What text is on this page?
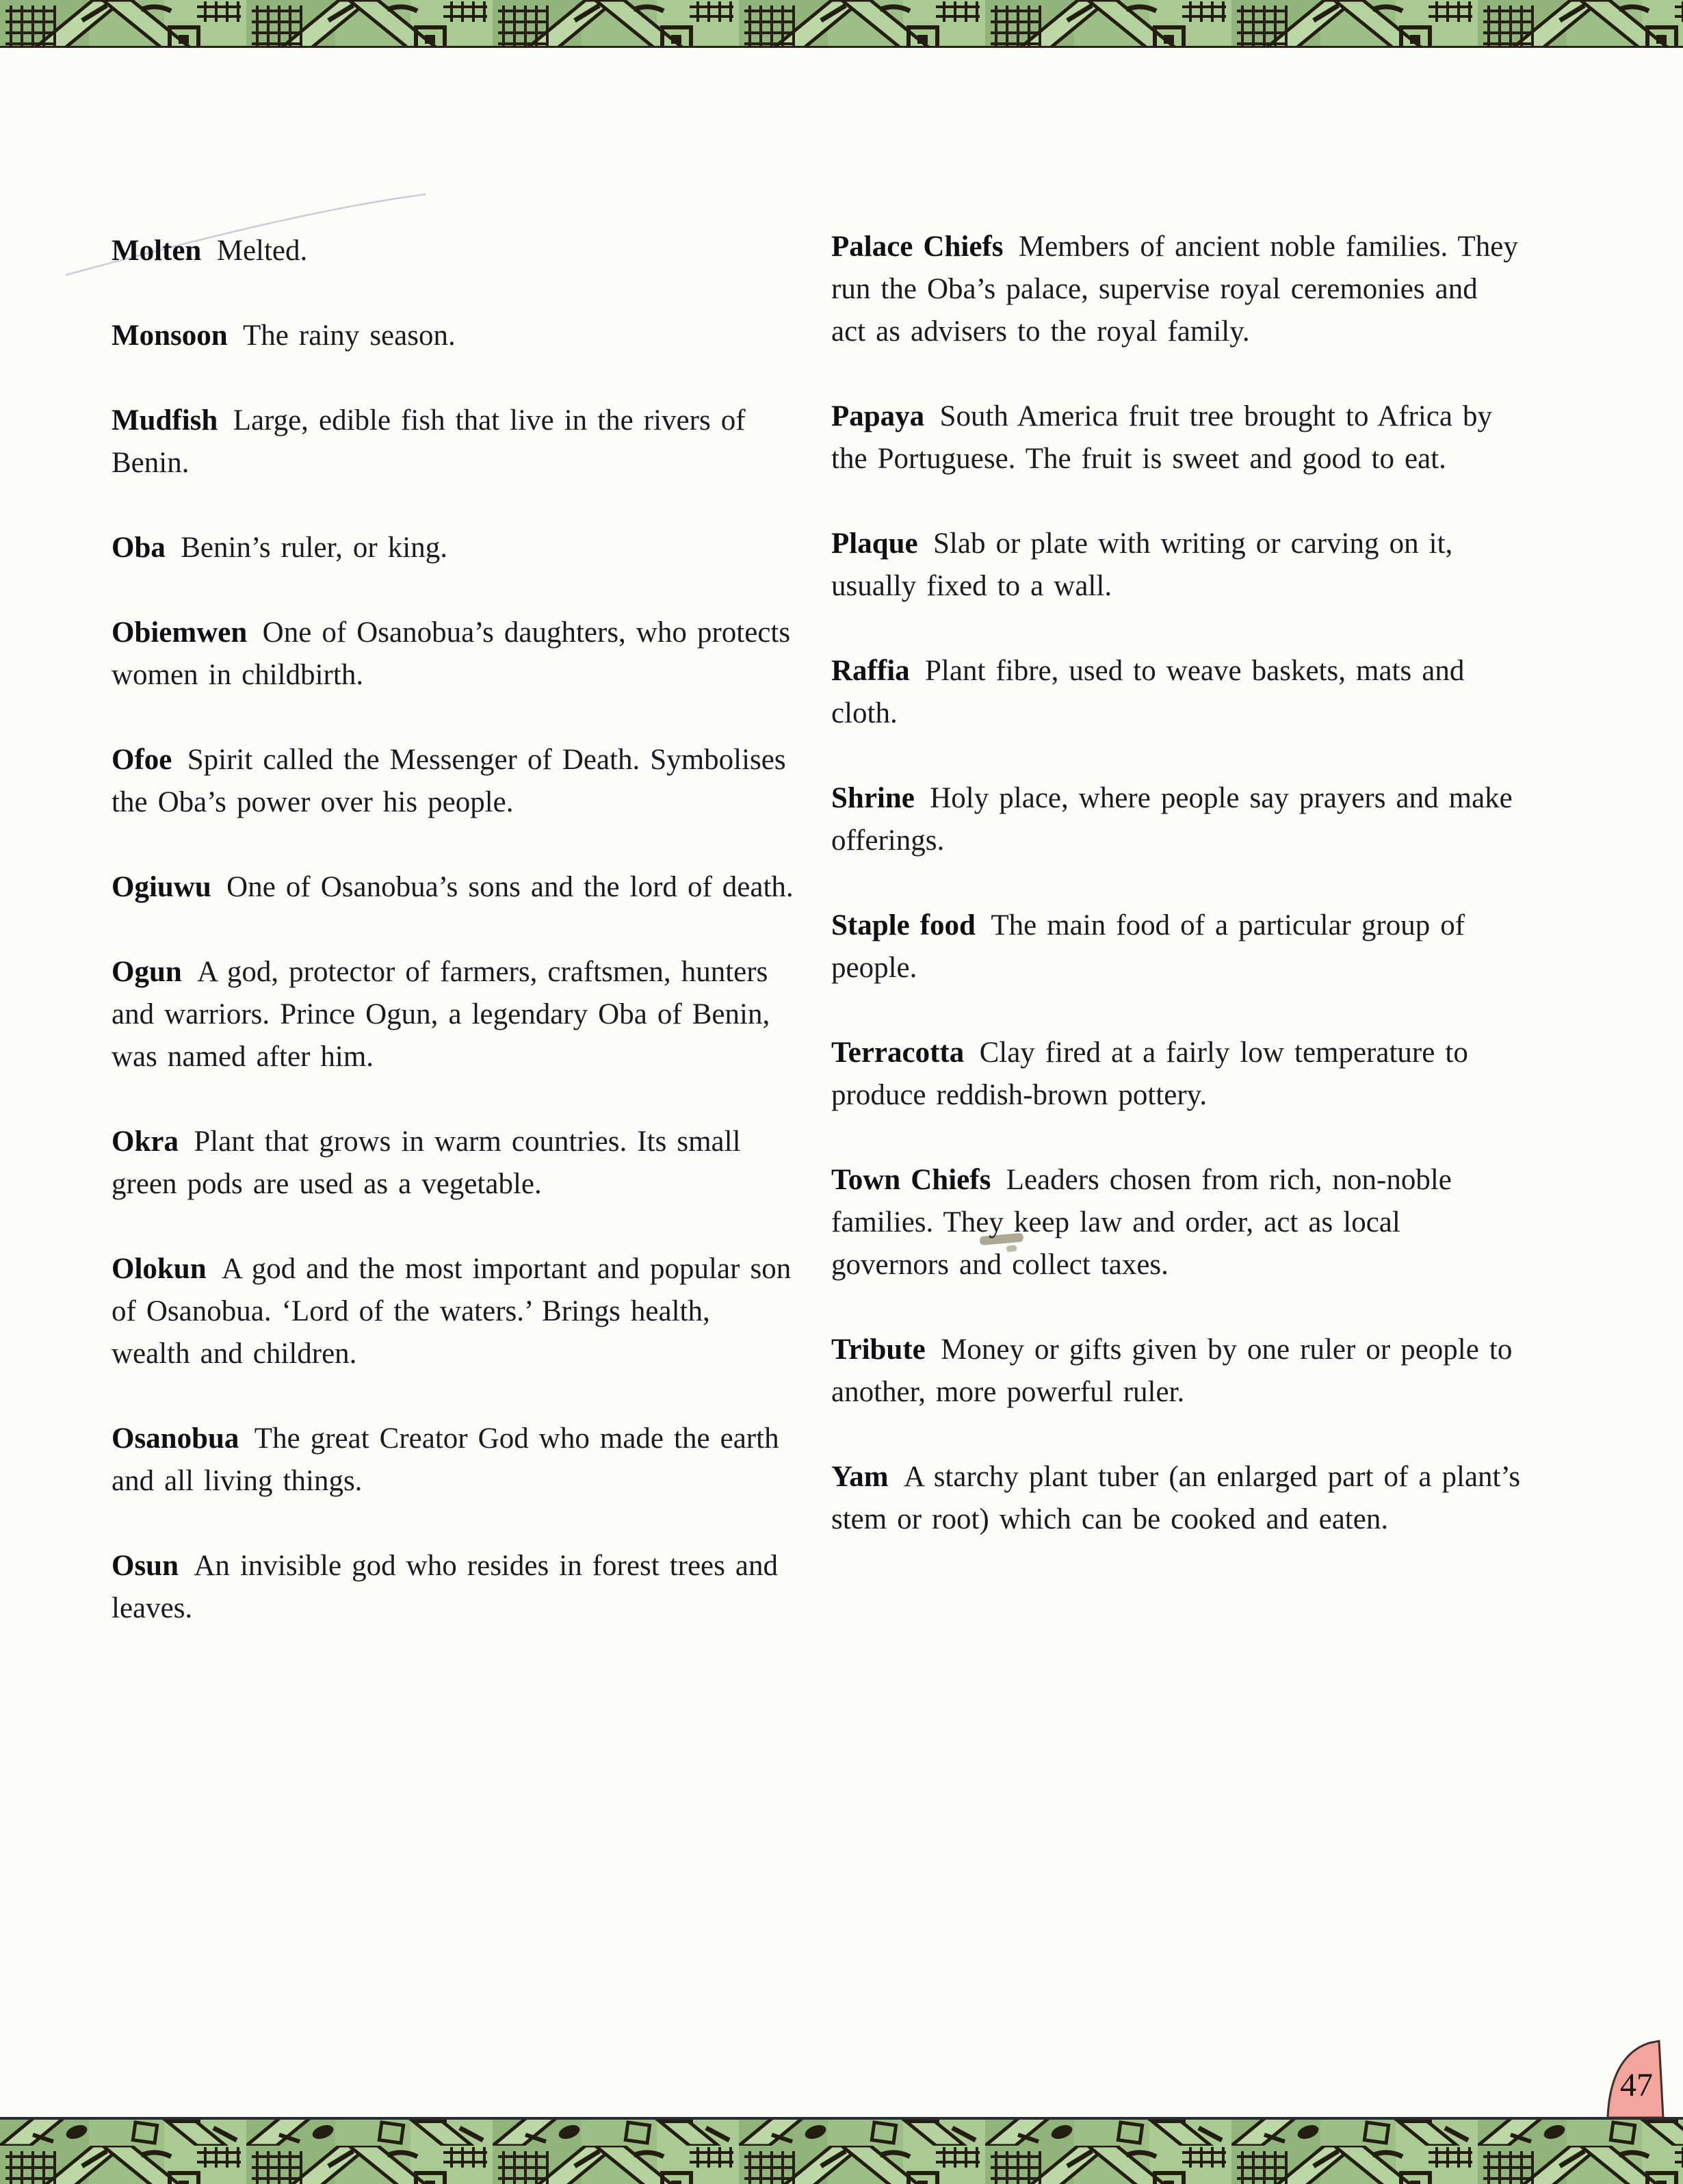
Molten Melted.

Monsoon The rainy season.

Mudfish Large, edible fish that live in the rivers of Benin.

Oba Benin’s ruler, or king.

Obiemwen One of Osanobua’s daughters, who protects women in childbirth.

Ofoe Spirit called the Messenger of Death. Symbolises the Oba’s power over his people.

Ogiuwu One of Osanobua’s sons and the lord of death.

Ogun A god, protector of farmers, craftsmen, hunters and warriors. Prince Ogun, a legendary Oba of Benin, was named after him.

Okra Plant that grows in warm countries. Its small green pods are used as a vegetable.

Olokun A god and the most important and popular son of Osanobua. ‘Lord of the waters.’ Brings health, wealth and children.

Osanobua The great Creator God who made the earth and all living things.

Osun An invisible god who resides in forest trees and leaves.

Palace Chiefs Members of ancient noble families. They run the Oba’s palace, supervise royal ceremonies and act as advisers to the royal family.

Papaya South America fruit tree brought to Africa by the Portuguese. The fruit is sweet and good to eat.

Plaque Slab or plate with writing or carving on it, usually fixed to a wall.

Raffia Plant fibre, used to weave baskets, mats and cloth.

Shrine Holy place, where people say prayers and make offerings.

Staple food The main food of a particular group of people.

Terracotta Clay fired at a fairly low temperature to produce reddish-brown pottery.

Town Chiefs Leaders chosen from rich, non-noble families. They keep law and order, act as local governors and collect taxes.

Tribute Money or gifts given by one ruler or people to another, more powerful ruler.

Yam A starchy plant tuber (an enlarged part of a plant’s stem or root) which can be cooked and eaten.

47
